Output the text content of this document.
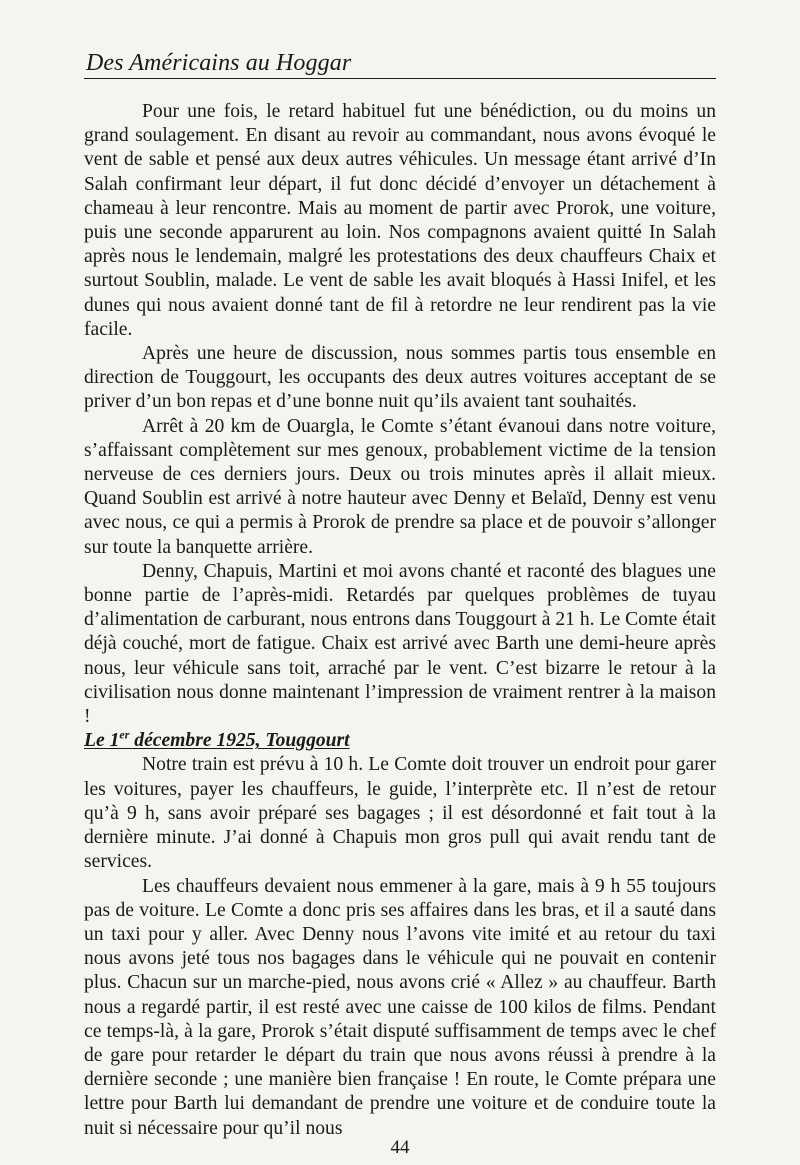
Des Américains au Hoggar

Pour une fois, le retard habituel fut une bénédiction, ou du moins un grand soulagement. En disant au revoir au commandant, nous avons évoqué le vent de sable et pensé aux deux autres véhicules. Un message étant arrivé d’In Salah confirmant leur départ, il fut donc décidé d’envoyer un détachement à chameau à leur rencontre. Mais au moment de partir avec Prorok, une voiture, puis une seconde apparurent au loin. Nos compagnons avaient quitté In Salah après nous le lendemain, malgré les protestations des deux chauffeurs Chaix et surtout Soublin, malade. Le vent de sable les avait bloqués à Hassi Inifel, et les dunes qui nous avaient donné tant de fil à retordre ne leur rendirent pas la vie facile.

Après une heure de discussion, nous sommes partis tous ensemble en direction de Touggourt, les occupants des deux autres voitures acceptant de se priver d’un bon repas et d’une bonne nuit qu’ils avaient tant souhaités.

Arrêt à 20 km de Ouargla, le Comte s’étant évanoui dans notre voiture, s’affaissant complètement sur mes genoux, probablement victime de la tension nerveuse de ces derniers jours. Deux ou trois minutes après il allait mieux. Quand Soublin est arrivé à notre hauteur avec Denny et Belaïd, Denny est venu avec nous, ce qui a permis à Prorok de prendre sa place et de pouvoir s’allonger sur toute la banquette arrière.

Denny, Chapuis, Martini et moi avons chanté et raconté des blagues une bonne partie de l’après-midi. Retardés par quelques problèmes de tuyau d’alimentation de carburant, nous entrons dans Touggourt à 21 h. Le Comte était déjà couché, mort de fatigue. Chaix est arrivé avec Barth une demi-heure après nous, leur véhicule sans toit, arraché par le vent. C’est bizarre le retour à la civilisation nous donne maintenant l’impression de vraiment rentrer à la maison !

Le 1er décembre 1925, Touggourt

Notre train est prévu à 10 h. Le Comte doit trouver un endroit pour garer les voitures, payer les chauffeurs, le guide, l’interprète etc. Il n’est de retour qu’à 9 h, sans avoir préparé ses bagages ; il est désordonné et fait tout à la dernière minute. J’ai donné à Chapuis mon gros pull qui avait rendu tant de services.

Les chauffeurs devaient nous emmener à la gare, mais à 9 h 55 toujours pas de voiture. Le Comte a donc pris ses affaires dans les bras, et il a sauté dans un taxi pour y aller. Avec Denny nous l’avons vite imité et au retour du taxi nous avons jeté tous nos bagages dans le véhicule qui ne pouvait en contenir plus. Chacun sur un marche-pied, nous avons crié « Allez » au chauffeur. Barth nous a regardé partir, il est resté avec une caisse de 100 kilos de films. Pendant ce temps-là, à la gare, Prorok s’était disputé suffisamment de temps avec le chef de gare pour retarder le départ du train que nous avons réussi à prendre à la dernière seconde ; une manière bien française ! En route, le Comte prépara une lettre pour Barth lui demandant de prendre une voiture et de conduire toute la nuit si nécessaire pour qu’il nous

44
